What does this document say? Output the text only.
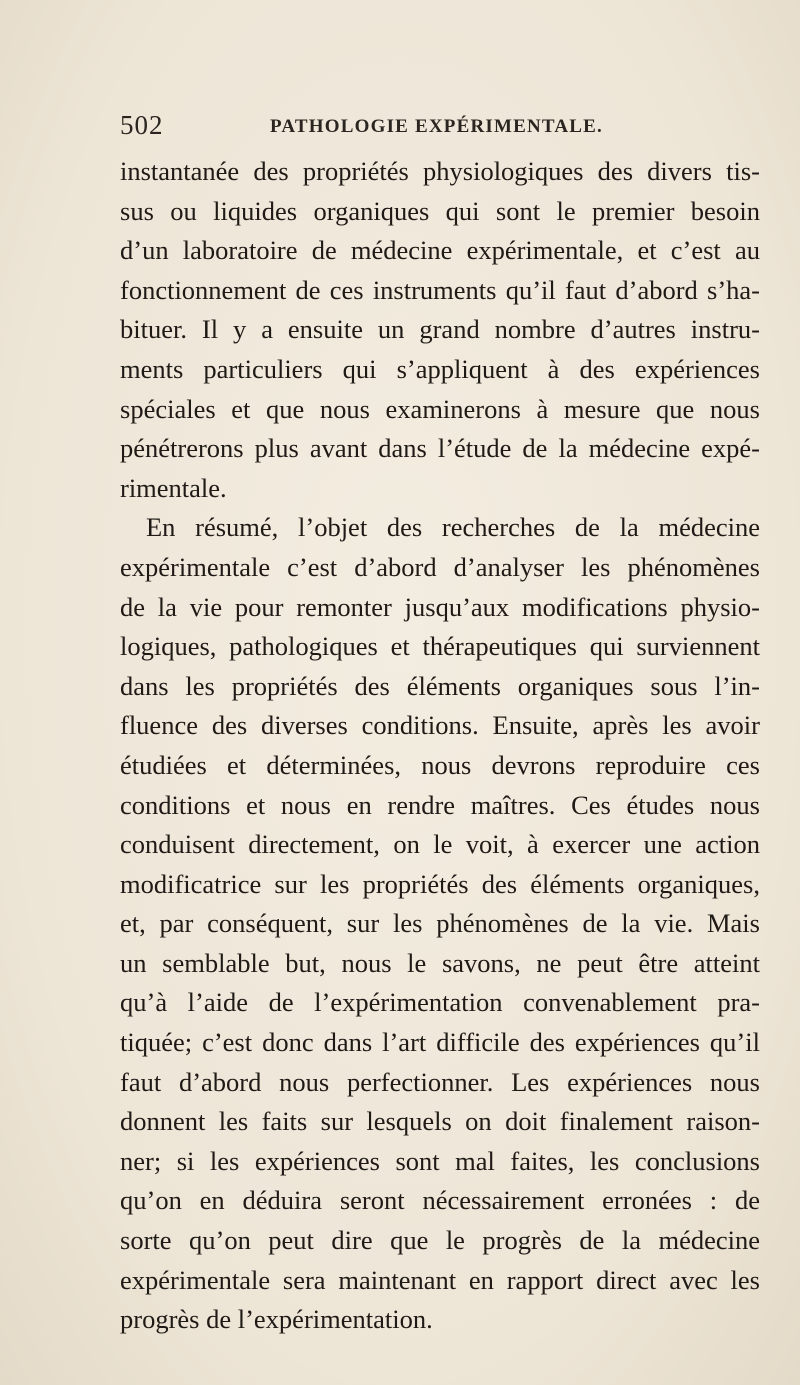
502	PATHOLOGIE EXPÉRIMENTALE.

instantanée des propriétés physiologiques des divers tis-
sus ou liquides organiques qui sont le premier besoin
d’un laboratoire de médecine expérimentale, et c’est au
fonctionnement de ces instruments qu’il faut d’abord s’ha-
bituer. Il y a ensuite un grand nombre d’autres instru-
ments particuliers qui s’appliquent à des expériences
spéciales et que nous examinerons à mesure que nous
pénétrerons plus avant dans l’étude de la médecine expé-
rimentale.

En résumé, l’objet des recherches de la médecine
expérimentale c’est d’abord d’analyser les phénomènes
de la vie pour remonter jusqu’aux modifications physio-
logiques, pathologiques et thérapeutiques qui surviennent
dans les propriétés des éléments organiques sous l’in-
fluence des diverses conditions. Ensuite, après les avoir
étudiées et déterminées, nous devrons reproduire ces
conditions et nous en rendre maîtres. Ces études nous
conduisent directement, on le voit, à exercer une action
modificatrice sur les propriétés des éléments organiques,
et, par conséquent, sur les phénomènes de la vie. Mais
un semblable but, nous le savons, ne peut être atteint
qu’à l’aide de l’expérimentation convenablement pra-
tiquée; c’est donc dans l’art difficile des expériences qu’il
faut d’abord nous perfectionner. Les expériences nous
donnent les faits sur lesquels on doit finalement raison-
ner; si les expériences sont mal faites, les conclusions
qu’on en déduira seront nécessairement erronées : de
sorte qu’on peut dire que le progrès de la médecine
expérimentale sera maintenant en rapport direct avec les
progrès de l’expérimentation.
